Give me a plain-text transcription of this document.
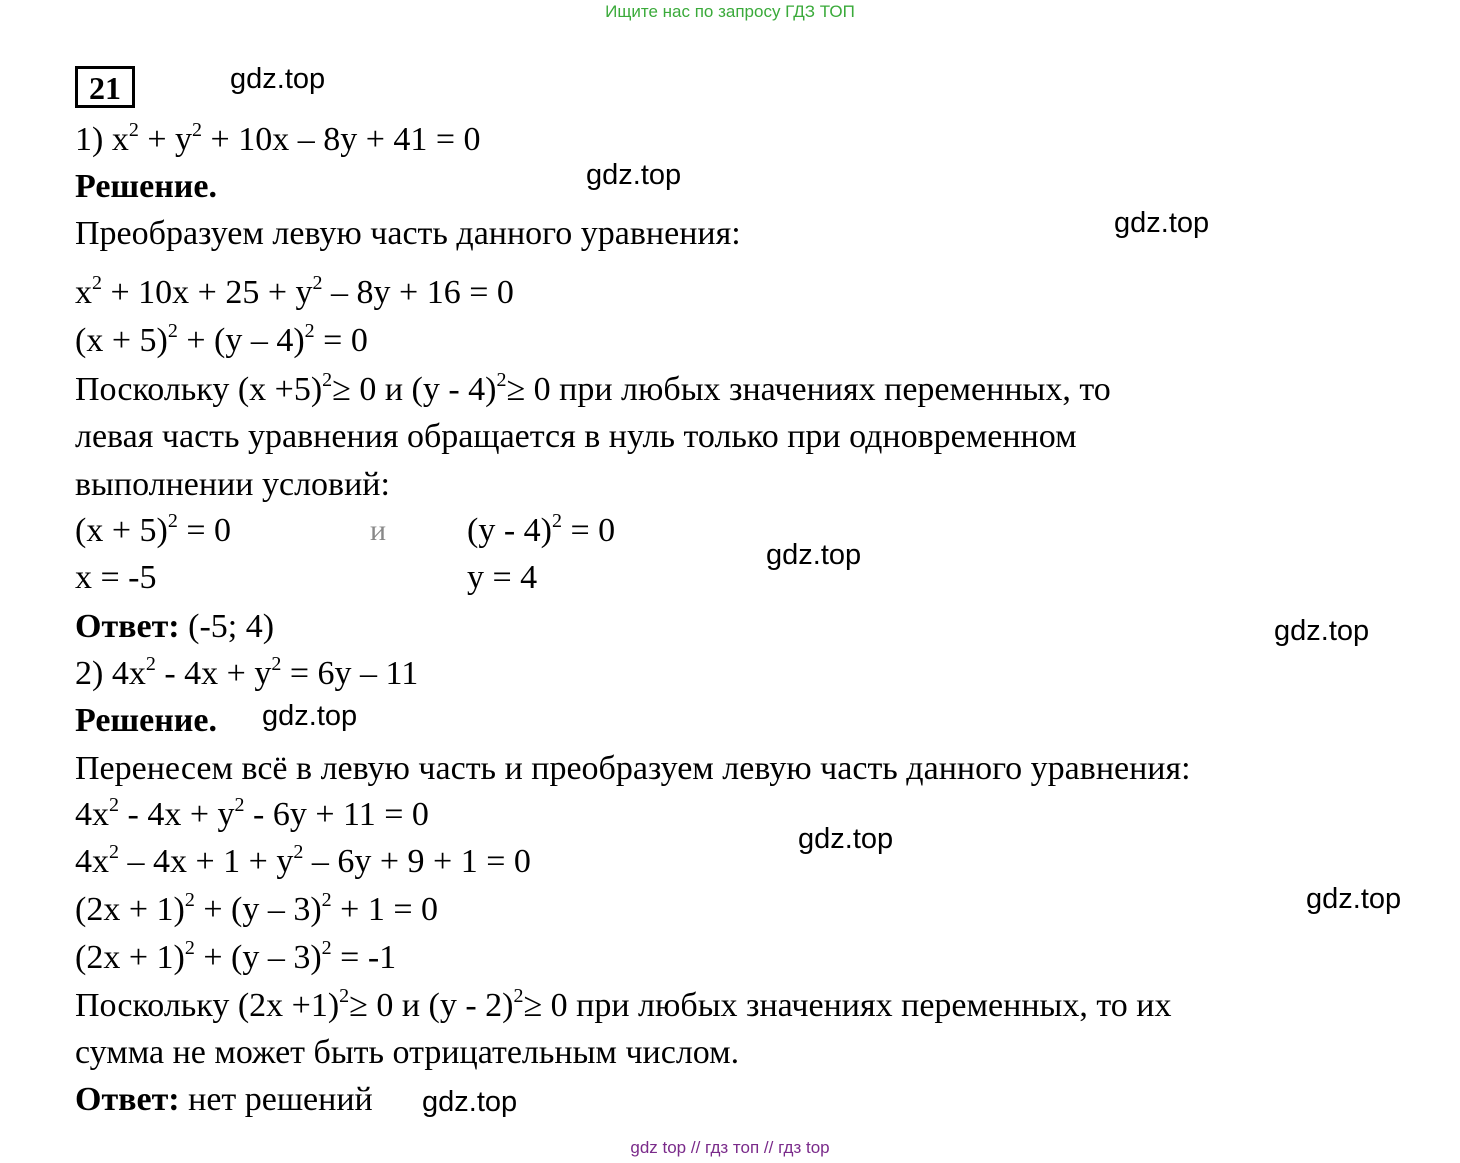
Ищите нас по запросу ГДЗ ТОП
21
1) $x^2 + y^2 + 10x - 8y + 41 = 0$
Решение.
Преобразуем левую часть данного уравнения:
$x^2 + 10x + 25 + y^2 - 8y + 16 = 0$
$(x + 5)^2 + (y - 4)^2 = 0$
Поскольку $(x +5)^2\ge 0$ и (y - 4)$^2$≥ 0 при любых значениях переменных, то
левая часть уравнения обращается в нуль только при одновременном
выполнении условий:
$(x + 5)^2 = 0$	и (y - 4)$^2$ = 0
x = -5	y = 4
Ответ: (-5; 4)
2) $4x^2 - 4x + y^2 = 6y - 11$
Решение.
Перенесем всё в левую часть и преобразуем левую часть данного уравнения:
$4x^2 - 4x + y^2 - 6y + 11 = 0$
$4x^2 - 4x + 1 + y^2 - 6y + 9 + 1 = 0$
$(2x + 1)^2 + (y - 3)^2 + 1 = 0$
$(2x + 1)^2 + (y - 3)^2 = -1$
Поскольку $(2x +1)^2\ge 0$ и (y - 2)$^2$≥ 0 при любых значениях переменных, то их
сумма не может быть отрицательным числом.
Ответ: нет решений
gdz.top
gdz.top
gdz.top
gdz.top
gdz.top
gdz.top
gdz.top
gdz.top
gdz.top
gdz top // гдз топ // гдз top
